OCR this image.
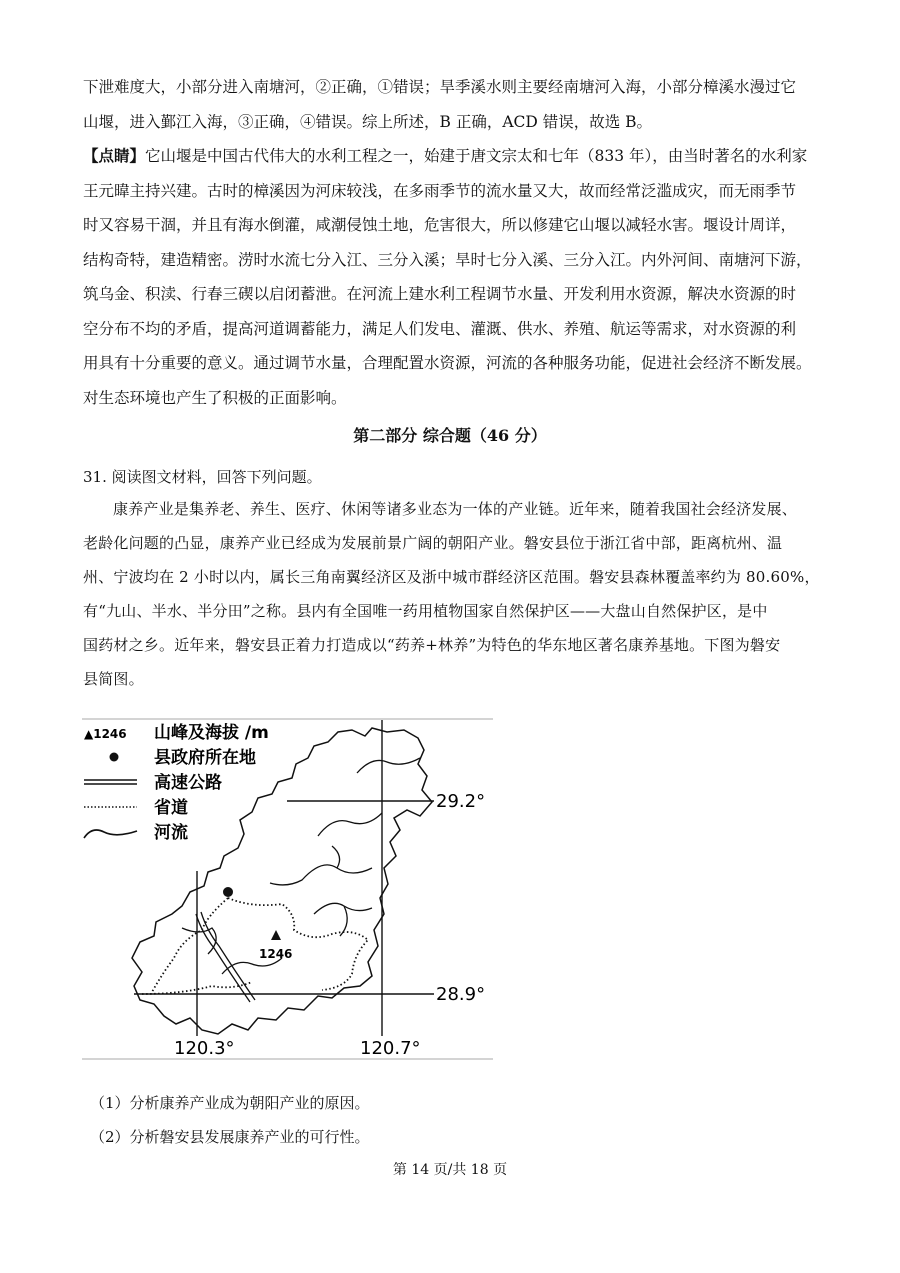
下泄难度大，小部分进入南塘河，②正确，①错误；旱季溪水则主要经南塘河入海，小部分樟溪水漫过它

山堰，进入鄞江入海，③正确，④错误。综上所述，B 正确，ACD 错误，故选 B。

【点睛】它山堰是中国古代伟大的水利工程之一，始建于唐文宗太和七年（833 年），由当时著名的水利家

王元暐主持兴建。古时的樟溪因为河床较浅，在多雨季节的流水量又大，故而经常泛滥成灾，而无雨季节

时又容易干涸，并且有海水倒灌，咸潮侵蚀土地，危害很大，所以修建它山堰以减轻水害。堰设计周详，

结构奇特，建造精密。涝时水流七分入江、三分入溪；旱时七分入溪、三分入江。内外河间、南塘河下游，

筑乌金、积渎、行春三碶以启闭蓄泄。在河流上建水利工程调节水量、开发利用水资源，解决水资源的时

空分布不均的矛盾，提高河道调蓄能力，满足人们发电、灌溉、供水、养殖、航运等需求，对水资源的利

用具有十分重要的意义。通过调节水量，合理配置水资源，河流的各种服务功能，促进社会经济不断发展。

对生态环境也产生了积极的正面影响。

第二部分 综合题（46 分）
31. 阅读图文材料，回答下列问题。

康养产业是集养老、养生、医疗、休闲等诸多业态为一体的产业链。近年来，随着我国社会经济发展、

老龄化问题的凸显，康养产业已经成为发展前景广阔的朝阳产业。磐安县位于浙江省中部，距离杭州、温

州、宁波均在 2 小时以内，属长三角南翼经济区及浙中城市群经济区范围。磐安县森林覆盖率约为 80.60%，

有“九山、半水、半分田”之称。县内有全国唯一药用植物国家自然保护区——大盘山自然保护区，是中

国药材之乡。近年来，磐安县正着力打造成以“药养+林养”为特色的华东地区著名康养基地。下图为磐安

县简图。

▲1246 山峰及海拔 /m
县政府所在地
高速公路
省道
河流
1246
29.2°
28.9°
120.3°	120.7°
（1）分析康养产业成为朝阳产业的原因。
（2）分析磐安县发展康养产业的可行性。
第 14 页/共 18 页
